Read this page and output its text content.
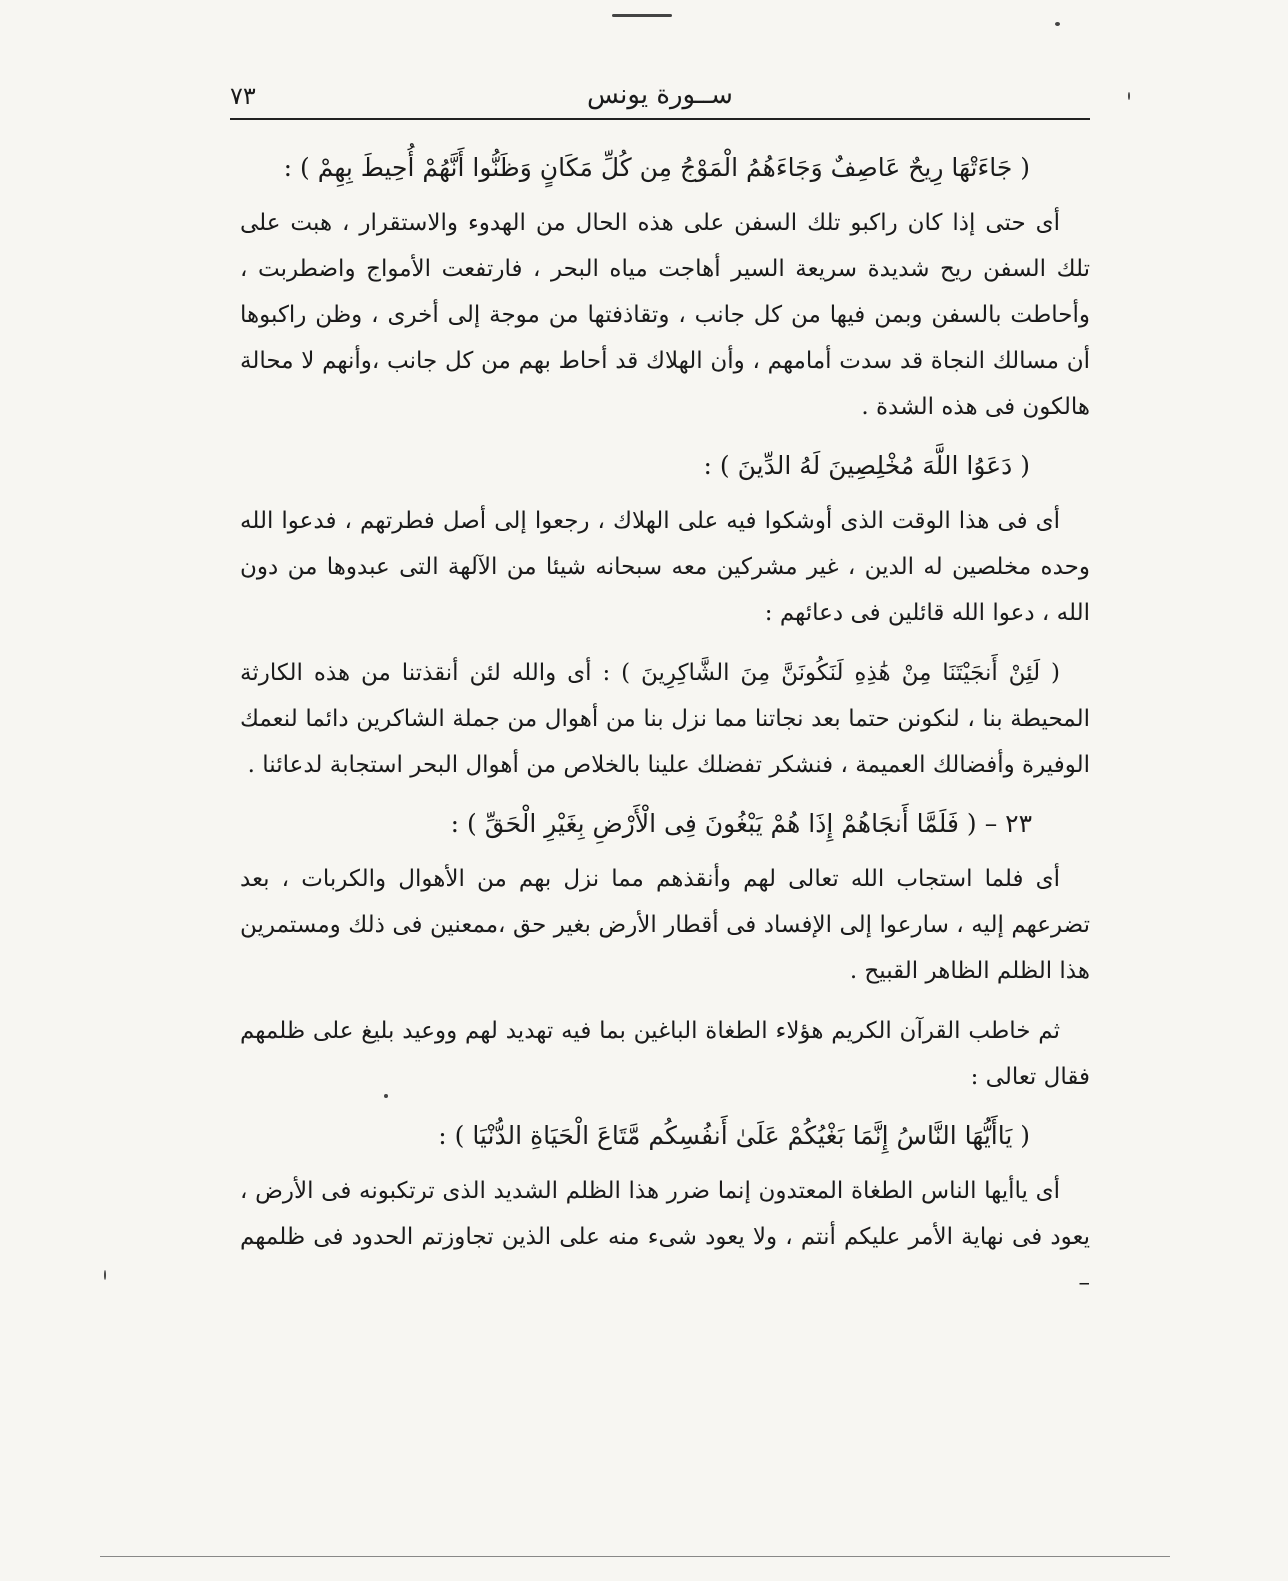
٧٣	ســورة يونس

( جَاءَتْهَا رِيحٌ عَاصِفٌ وَجَاءَهُمُ الْمَوْجُ مِن كُلِّ مَكَانٍ وَظَنُّوا أَنَّهُمْ أُحِيطَ بِهِمْ ) :

أى حتى إذا كان راكبو تلك السفن على هذه الحال من الهدوء والاستقرار ، هبت على تلك السفن ريح شديدة سريعة السير أهاجت مياه البحر ، فارتفعت الأمواج واضطربت ، وأحاطت بالسفن وبمن فيها من كل جانب ، وتقاذفتها من موجة إلى أخرى ، وظن راكبوها أن مسالك النجاة قد سدت أمامهم ، وأن الهلاك قد أحاط بهم من كل جانب ،وأنهم لا محالة هالكون فى هذه الشدة .

( دَعَوُا اللَّهَ مُخْلِصِينَ لَهُ الدِّينَ ) :

أى فى هذا الوقت الذى أوشكوا فيه على الهلاك ، رجعوا إلى أصل فطرتهم ، فدعوا الله وحده مخلصين له الدين ، غير مشركين معه سبحانه شيئا من الآلهة التى عبدوها من دون الله ، دعوا الله قائلين فى دعائهم :

( لَئِنْ أَنجَيْتَنَا مِنْ هَٰذِهِ لَنَكُونَنَّ مِنَ الشَّاكِرِينَ ) : أى والله لئن أنقذتنا من هذه الكارثة المحيطة بنا ، لنكونن حتما بعد نجاتنا مما نزل بنا من أهوال من جملة الشاكرين دائما لنعمك الوفيرة وأفضالك العميمة ، فنشكر تفضلك علينا بالخلاص من أهوال البحر استجابة لدعائنا .

٢٣ –( فَلَمَّا أَنجَاهُمْ إِذَا هُمْ يَبْغُونَ فِى الْأَرْضِ بِغَيْرِ الْحَقِّ ) :

أى فلما استجاب الله تعالى لهم وأنقذهم مما نزل بهم من الأهوال والكربات ، بعد تضرعهم إليه ، سارعوا إلى الإفساد فى أقطار الأرض بغير حق ،ممعنين فى ذلك ومستمرين هذا الظلم الظاهر القبيح .

ثم خاطب القرآن الكريم هؤلاء الطغاة الباغين بما فيه تهديد لهم ووعيد بليغ على ظلمهم فقال تعالى :

( يَاأَيُّهَا النَّاسُ إِنَّمَا بَغْيُكُمْ عَلَىٰ أَنفُسِكُم مَّتَاعَ الْحَيَاةِ الدُّنْيَا ) :

أى ياأيها الناس الطغاة المعتدون إنما ضرر هذا الظلم الشديد الذى ترتكبونه فى الأرض ، يعود فى نهاية الأمر عليكم أنتم ، ولا يعود شىء منه على الذين تجاوزتم الحدود فى ظلمهم –
